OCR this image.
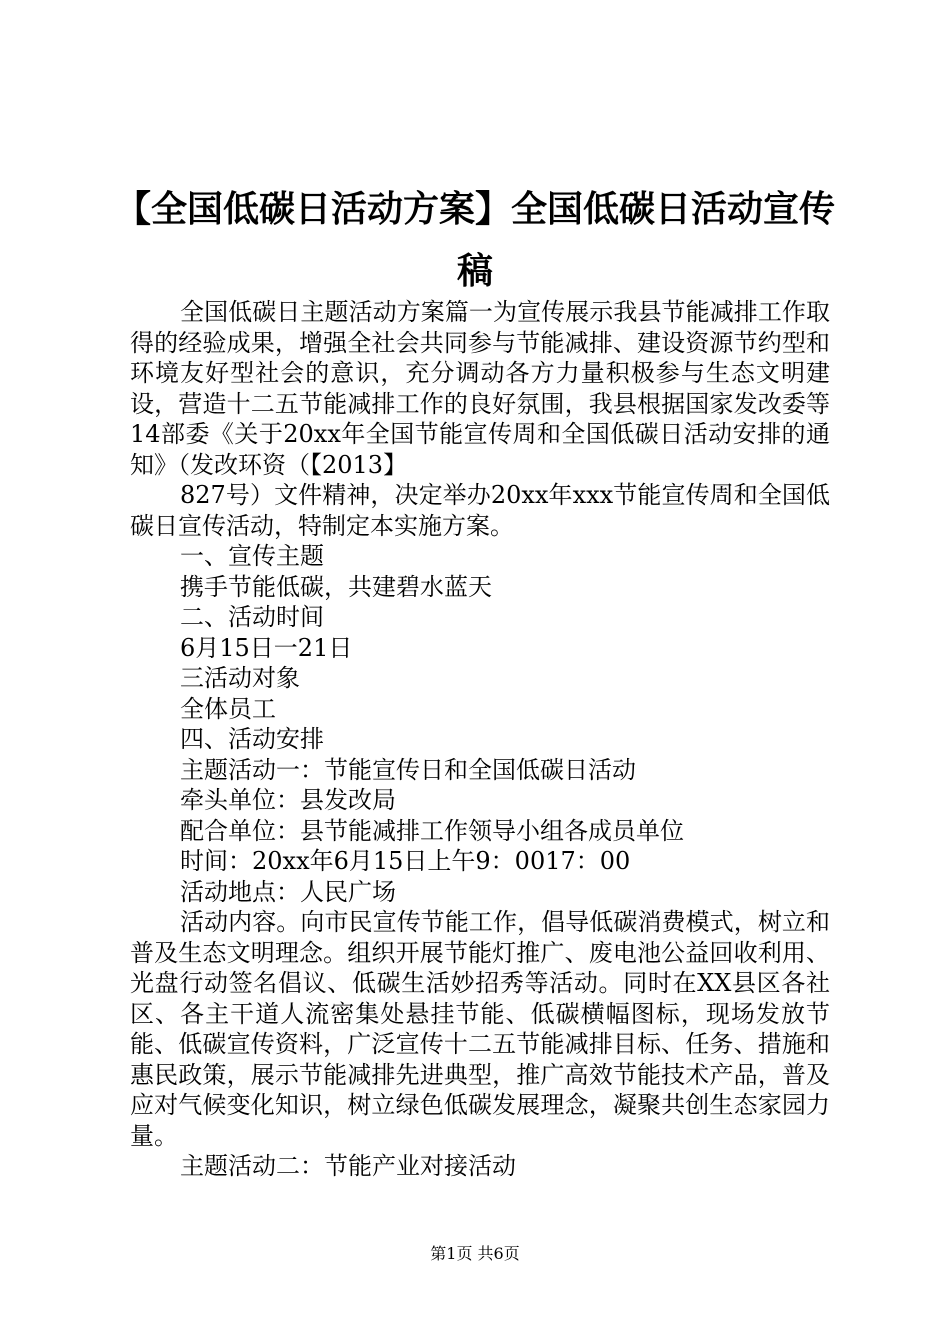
【全国低碳日活动方案】全国低碳日活动宣传稿

全国低碳日主题活动方案篇一为宣传展示我县节能减排工作取得的经验成果，增强全社会共同参与节能减排、建设资源节约型和环境友好型社会的意识，充分调动各方力量积极参与生态文明建设，营造十二五节能减排工作的良好氛围，我县根据国家发改委等14部委《关于20xx年全国节能宣传周和全国低碳日活动安排的通知》（发改环资（【2013】

827号）文件精神，决定举办20xx年xxx节能宣传周和全国低碳日宣传活动，特制定本实施方案。

一、宣传主题

携手节能低碳，共建碧水蓝天

二、活动时间

6月15日一21日

三活动对象

全体员工

四、活动安排

主题活动一：节能宣传日和全国低碳日活动

牵头单位：县发改局

配合单位：县节能减排工作领导小组各成员单位

时间：20xx年6月15日上午9：0017：00

活动地点：人民广场

活动内容。向市民宣传节能工作，倡导低碳消费模式，树立和普及生态文明理念。组织开展节能灯推广、废电池公益回收利用、光盘行动签名倡议、低碳生活妙招秀等活动。同时在XX县区各社区、各主干道人流密集处悬挂节能、低碳横幅图标，现场发放节能、低碳宣传资料，广泛宣传十二五节能减排目标、任务、措施和惠民政策，展示节能减排先进典型，推广高效节能技术产品，普及应对气候变化知识，树立绿色低碳发展理念，凝聚共创生态家园力量。

主题活动二：节能产业对接活动

第1页 共6页
